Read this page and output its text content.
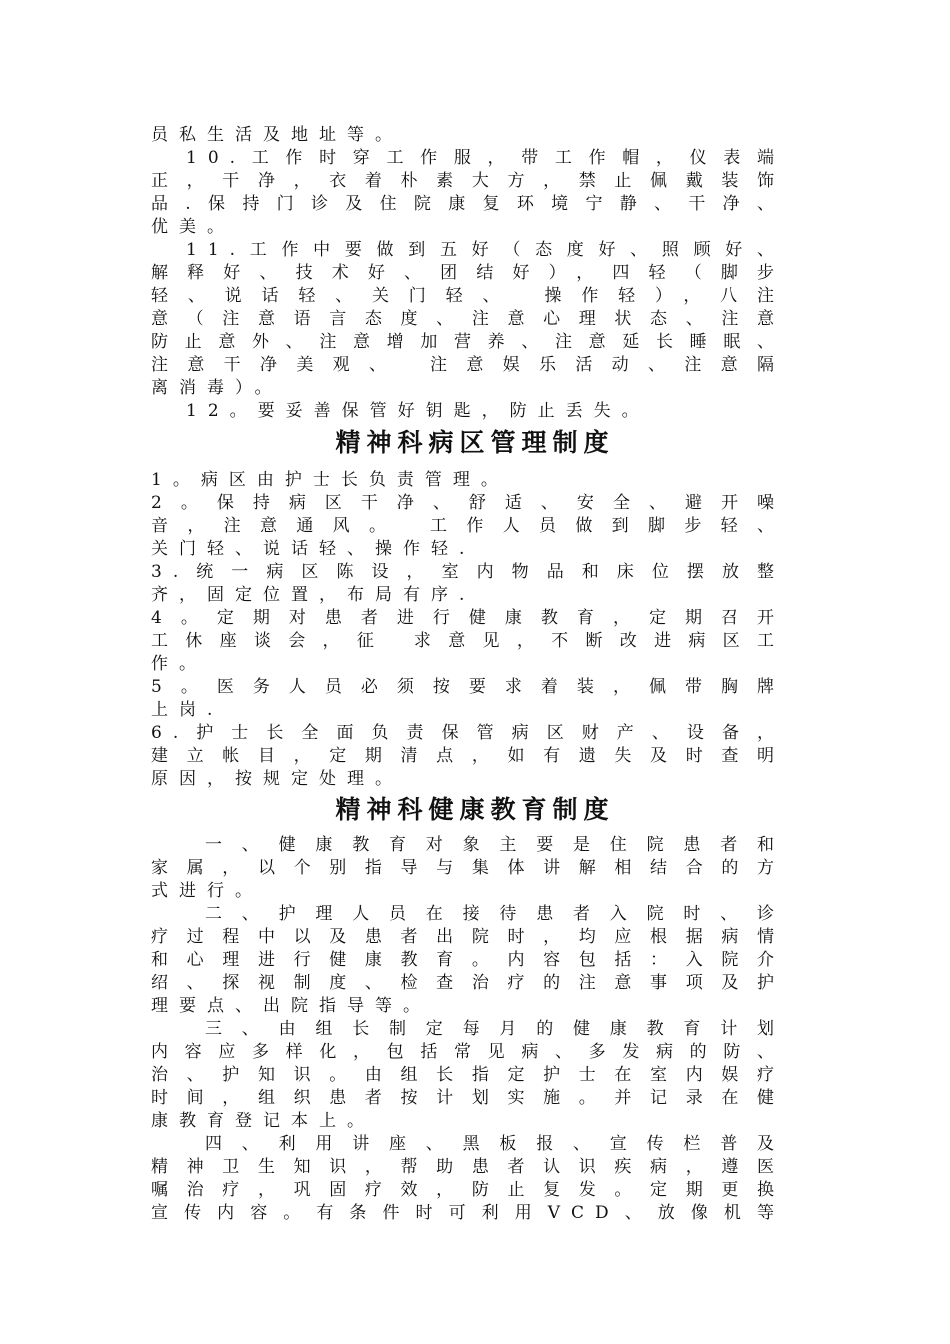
员私生活及地址等。
10.工作时穿工作服，带工作帽，仪表端
正，干净，衣着朴素大方，禁止佩戴装饰
品.保持门诊及住院康复环境宁静、干净、
优美。
11.工作中要做到五好（态度好、照顾好、
解释好、技术好、团结好），四轻（脚步
轻、说话轻、关门轻、 操作轻），八注
意（注意语言态度、注意心理状态、注意
防止意外、注意增加营养、注意延长睡眠、
注意干净美观、 注意娱乐活动、注意隔
离消毒）。
12。要妥善保管好钥匙，防止丢失。
精神科病区管理制度
1。病区由护士长负责管理。
2。保持病区干净、舒适、安全、避开噪
音，注意通风。 工作人员做到脚步轻、
关门轻、说话轻、操作轻.
3.统一病区陈设，室内物品和床位摆放整
齐，固定位置，布局有序.
4。定期对患者进行健康教育，定期召开
工休座谈会，征 求意见，不断改进病区工
作。
5。医务人员必须按要求着装，佩带胸牌
上岗.
6.护士长全面负责保管病区财产、设备，
建立帐目，定期清点，如有遗失及时查明
原因，按规定处理。
精神科健康教育制度
一、健康教育对象主要是住院患者和
家属，以个别指导与集体讲解相结合的方
式进行。
二、护理人员在接待患者入院时、诊
疗过程中以及患者出院时，均应根据病情
和心理进行健康教育。内容包括：入院介
绍、探视制度、检查治疗的注意事项及护
理要点、出院指导等。
三、由组长制定每月的健康教育计划
内容应多样化，包括常见病、多发病的防、
治、护知识。由组长指定护士在室内娱疗
时间，组织患者按计划实施。并记录在健
康教育登记本上。
四、利用讲座、黑板报、宣传栏普及
精神卫生知识，帮助患者认识疾病，遵医
嘱治疗，巩固疗效，防止复发。定期更换
宣传内容。有条件时可利用VCD、放像机等
